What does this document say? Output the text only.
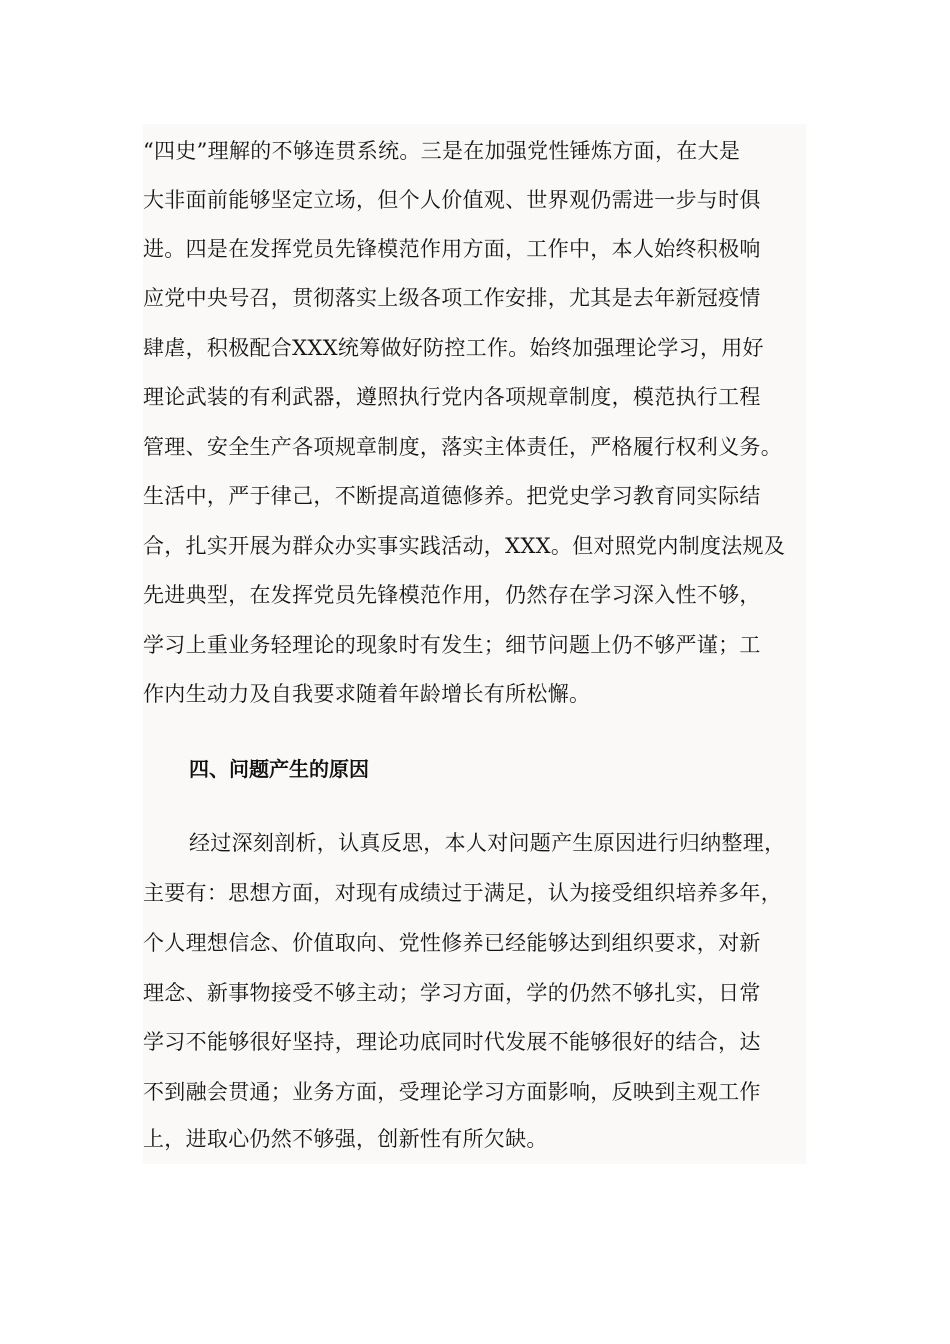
“四史”理解的不够连贯系统。三是在加强党性锤炼方面，在大是
大非面前能够坚定立场，但个人价值观、世界观仍需进一步与时俱
进。四是在发挥党员先锋模范作用方面，工作中，本人始终积极响
应党中央号召，贯彻落实上级各项工作安排，尤其是去年新冠疫情
肆虐，积极配合XXX统筹做好防控工作。始终加强理论学习，用好
理论武装的有利武器，遵照执行党内各项规章制度，模范执行工程
管理、安全生产各项规章制度，落实主体责任，严格履行权利义务。
生活中，严于律己，不断提高道德修养。把党史学习教育同实际结
合，扎实开展为群众办实事实践活动，XXX。但对照党内制度法规及
先进典型，在发挥党员先锋模范作用，仍然存在学习深入性不够，
学习上重业务轻理论的现象时有发生；细节问题上仍不够严谨；工
作内生动力及自我要求随着年龄增长有所松懈。
四、问题产生的原因
经过深刻剖析，认真反思，本人对问题产生原因进行归纳整理，
主要有：思想方面，对现有成绩过于满足，认为接受组织培养多年，
个人理想信念、价值取向、党性修养已经能够达到组织要求，对新
理念、新事物接受不够主动；学习方面，学的仍然不够扎实，日常
学习不能够很好坚持，理论功底同时代发展不能够很好的结合，达
不到融会贯通；业务方面，受理论学习方面影响，反映到主观工作
上，进取心仍然不够强，创新性有所欠缺。
